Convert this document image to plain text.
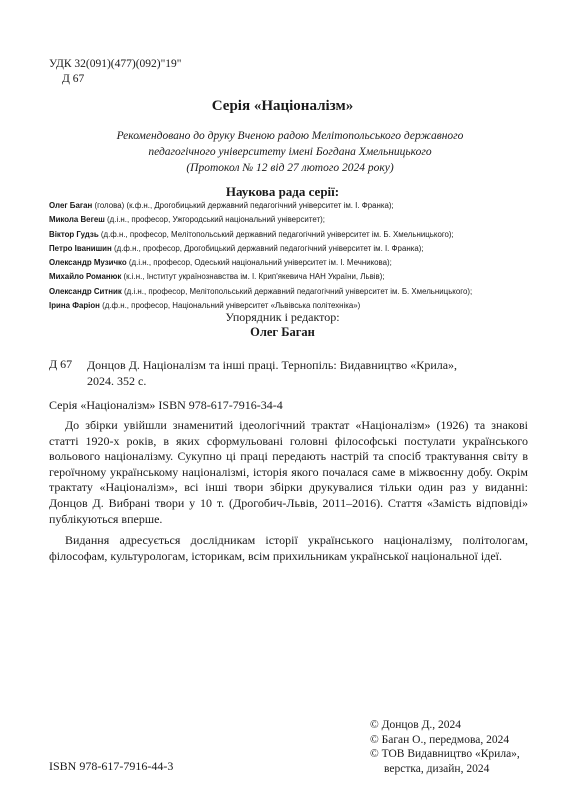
УДК 32(091)(477)(092)"19"
Д 67
Серія «Націоналізм»
Рекомендовано до друку Вченою радою Мелітопольського державного
педагогічного університету імені Богдана Хмельницького
(Протокол № 12 від 27 лютого 2024 року)
Наукова рада серії:
Олег Баган (голова) (к.ф.н., Дрогобицький державний педагогічний університет ім. І. Франка);
Микола Вегеш (д.і.н., професор, Ужгородський національний університет);
Віктор Гудзь (д.ф.н., професор, Мелітопольський державний педагогічний університет ім. Б. Хмельницького);
Петро Іванишин (д.ф.н., професор, Дрогобицький державний педагогічний університет ім. І. Франка);
Олександр Музичко (д.і.н., професор, Одеський національний університет ім. І. Мечникова);
Михайло Романюк (к.і.н., Інститут українознавства ім. І. Крип'якевича НАН України, Львів);
Олександр Ситник (д.і.н., професор, Мелітопольський державний педагогічний університет ім. Б. Хмельницького);
Ірина Фаріон (д.ф.н., професор, Національний університет «Львівська політехніка»)
Упорядник і редактор:
Олег Баган
Д 67 Донцов Д. Націоналізм та інші праці. Тернопіль: Видавництво «Крила»,
2024. 352 с.
Серія «Націоналізм» ISBN 978-617-7916-34-4

До збірки увійшли знаменитий ідеологічний трактат «Націоналізм» (1926) та знакові статті 1920-х років, в яких сформульовані головні філософські постулати українського вольового націоналізму. Сукупно ці праці передають настрій та спосіб трактування світу в героїчному українському націоналізмі, історія якого почалася саме в міжвоєнну добу. Окрім трактату «Націоналізм», всі інші твори збірки друкувалися тільки один раз у виданні: Донцов Д. Вибрані твори у 10 т. (Дрогобич-Львів, 2011–2016). Стаття «Замість відповіді» публікуються вперше.

Видання адресується дослідникам історії українського націоналізму, політологам, філософам, культурологам, історикам, всім прихильникам української національної ідеї.

© Донцов Д., 2024
© Баган О., передмова, 2024
© ТОВ Видавництво «Крила»,
верстка, дизайн, 2024
ISBN 978-617-7916-44-3
